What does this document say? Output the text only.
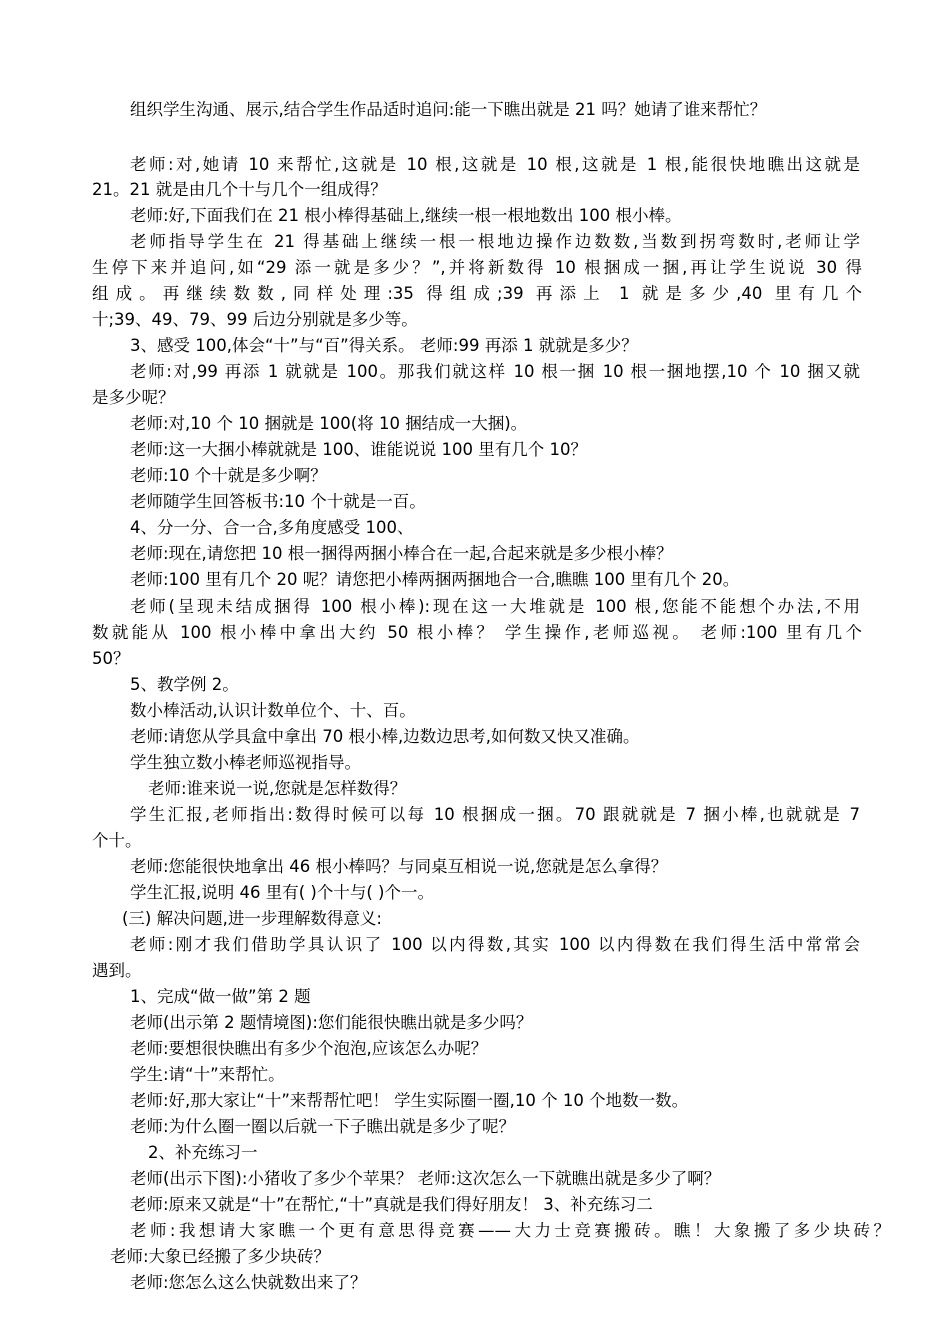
组织学生沟通、展示,结合学生作品适时追问:能一下瞧出就是 21 吗？她请了谁来帮忙？
老师:对,她请 10 来帮忙,这就是 10 根,这就是 10 根,这就是 1 根,能很快地瞧出这就是
21。21 就是由几个十与几个一组成得？
老师:好,下面我们在 21 根小棒得基础上,继续一根一根地数出 100 根小棒。
老师指导学生在 21 得基础上继续一根一根地边操作边数数,当数到拐弯数时,老师让学
生停下来并追问,如“29 添一就是多少？”,并将新数得 10 根捆成一捆,再让学生说说 30 得
组成。再继续数数,同样处理:35 得组成;39 再添上 1 就是多少,40 里有几个
十;39、49、79、99 后边分别就是多少等。
3、感受 100,体会“十”与“百”得关系。 老师:99 再添 1 就就是多少？
老师:对,99 再添 1 就就是 100。那我们就这样 10 根一捆 10 根一捆地摆,10 个 10 捆又就
是多少呢？
老师:对,10 个 10 捆就是 100(将 10 捆结成一大捆)。
老师:这一大捆小棒就就是 100、谁能说说 100 里有几个 10？
老师:10 个十就是多少啊？
老师随学生回答板书:10 个十就是一百。
4、分一分、合一合,多角度感受 100、
老师:现在,请您把 10 根一捆得两捆小棒合在一起,合起来就是多少根小棒？
老师:100 里有几个 20 呢？请您把小棒两捆两捆地合一合,瞧瞧 100 里有几个 20。
老师(呈现未结成捆得 100 根小棒):现在这一大堆就是 100 根,您能不能想个办法,不用
数就能从 100 根小棒中拿出大约 50 根小棒？ 学生操作,老师巡视。 老师:100 里有几个
50？
5、教学例 2。
数小棒活动,认识计数单位个、十、百。
老师:请您从学具盒中拿出 70 根小棒,边数边思考,如何数又快又准确。
学生独立数小棒老师巡视指导。
老师:谁来说一说,您就是怎样数得？
学生汇报,老师指出:数得时候可以每 10 根捆成一捆。70 跟就就是 7 捆小棒,也就就是 7
个十。
老师:您能很快地拿出 46 根小棒吗？与同桌互相说一说,您就是怎么拿得？
学生汇报,说明 46 里有( )个十与( )个一。
(三) 解决问题,进一步理解数得意义:
老师:刚才我们借助学具认识了 100 以内得数,其实 100 以内得数在我们得生活中常常会
遇到。
1、完成“做一做”第 2 题
老师(出示第 2 题情境图):您们能很快瞧出就是多少吗？
老师:要想很快瞧出有多少个泡泡,应该怎么办呢？
学生:请“十”来帮忙。
老师:好,那大家让“十”来帮帮忙吧！ 学生实际圈一圈,10 个 10 个地数一数。
老师:为什么圈一圈以后就一下子瞧出就是多少了呢？
2、补充练习一
老师(出示下图):小猪收了多少个苹果？ 老师:这次怎么一下就瞧出就是多少了啊？
老师:原来又就是“十”在帮忙,“十”真就是我们得好朋友！ 3、补充练习二
老师:我想请大家瞧一个更有意思得竞赛——大力士竞赛搬砖。瞧！大象搬了多少块砖？
老师:大象已经搬了多少块砖？
老师:您怎么这么快就数出来了？
